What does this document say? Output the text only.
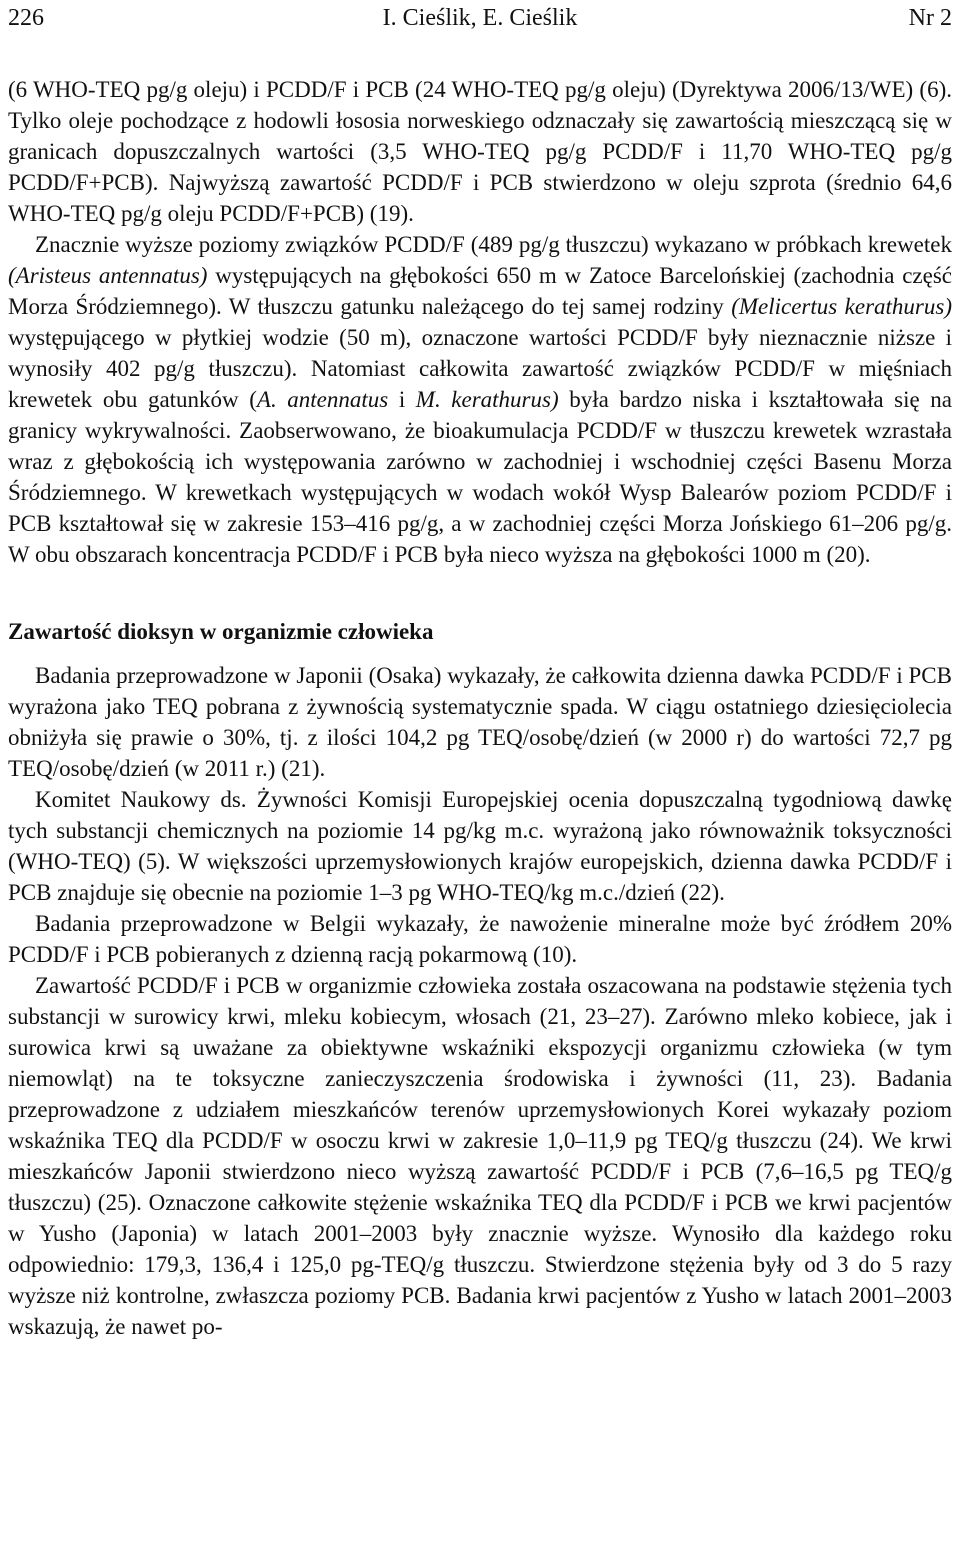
226	I. Cieślik, E. Cieślik	Nr 2

(6 WHO-TEQ pg/g oleju) i PCDD/F i PCB (24 WHO-TEQ pg/g oleju) (Dyrektywa 2006/13/WE) (6). Tylko oleje pochodzące z hodowli łososia norweskiego odznaczały się zawartością mieszczącą się w granicach dopuszczalnych wartości (3,5 WHO-TEQ pg/g PCDD/F i 11,70 WHO-TEQ pg/g PCDD/F+PCB). Najwyższą zawartość PCDD/F i PCB stwierdzono w oleju szprota (średnio 64,6 WHO-TEQ pg/g oleju PCDD/F+PCB) (19).

Znacznie wyższe poziomy związków PCDD/F (489 pg/g tłuszczu) wykazano w próbkach krewetek (Aristeus antennatus) występujących na głębokości 650 m w Zatoce Barcelońskiej (zachodnia część Morza Śródziemnego). W tłuszczu gatunku należącego do tej samej rodziny (Melicertus kerathurus) występującego w płytkiej wodzie (50 m), oznaczone wartości PCDD/F były nieznacznie niższe i wynosiły 402 pg/g tłuszczu). Natomiast całkowita zawartość związków PCDD/F w mięśniach krewetek obu gatunków (A. antennatus i M. kerathurus) była bardzo niska i kształtowała się na granicy wykrywalności. Zaobserwowano, że bioakumulacja PCDD/F w tłuszczu krewetek wzrastała wraz z głębokością ich występowania zarówno w zachodniej i wschodniej części Basenu Morza Śródziemnego. W krewetkach występujących w wodach wokół Wysp Balearów poziom PCDD/F i PCB kształtował się w zakresie 153–416 pg/g, a w zachodniej części Morza Jońskiego 61–206 pg/g. W obu obszarach koncentracja PCDD/F i PCB była nieco wyższa na głębokości 1000 m (20).

Zawartość dioksyn w organizmie człowieka

Badania przeprowadzone w Japonii (Osaka) wykazały, że całkowita dzienna dawka PCDD/F i PCB wyrażona jako TEQ pobrana z żywnością systematycznie spada. W ciągu ostatniego dziesięciolecia obniżyła się prawie o 30%, tj. z ilości 104,2 pg TEQ/osobę/dzień (w 2000 r) do wartości 72,7 pg TEQ/osobę/dzień (w 2011 r.) (21).

Komitet Naukowy ds. Żywności Komisji Europejskiej ocenia dopuszczalną tygodniową dawkę tych substancji chemicznych na poziomie 14 pg/kg m.c. wyrażoną jako równoważnik toksyczności (WHO-TEQ) (5). W większości uprzemysłowionych krajów europejskich, dzienna dawka PCDD/F i PCB znajduje się obecnie na poziomie 1–3 pg WHO-TEQ/kg m.c./dzień (22).

Badania przeprowadzone w Belgii wykazały, że nawożenie mineralne może być źródłem 20% PCDD/F i PCB pobieranych z dzienną racją pokarmową (10).

Zawartość PCDD/F i PCB w organizmie człowieka została oszacowana na podstawie stężenia tych substancji w surowicy krwi, mleku kobiecym, włosach (21, 23–27). Zarówno mleko kobiece, jak i surowica krwi są uważane za obiektywne wskaźniki ekspozycji organizmu człowieka (w tym niemowląt) na te toksyczne zanieczyszczenia środowiska i żywności (11, 23). Badania przeprowadzone z udziałem mieszkańców terenów uprzemysłowionych Korei wykazały poziom wskaźnika TEQ dla PCDD/F w osoczu krwi w zakresie 1,0–11,9 pg TEQ/g tłuszczu (24). We krwi mieszkańców Japonii stwierdzono nieco wyższą zawartość PCDD/F i PCB (7,6–16,5 pg TEQ/g tłuszczu) (25). Oznaczone całkowite stężenie wskaźnika TEQ dla PCDD/F i PCB we krwi pacjentów w Yusho (Japonia) w latach 2001–2003 były znacznie wyższe. Wynosiło dla każdego roku odpowiednio: 179,3, 136,4 i 125,0 pg-TEQ/g tłuszczu. Stwierdzone stężenia były od 3 do 5 razy wyższe niż kontrolne, zwłaszcza poziomy PCB. Badania krwi pacjentów z Yusho w latach 2001–2003 wskazują, że nawet po-
